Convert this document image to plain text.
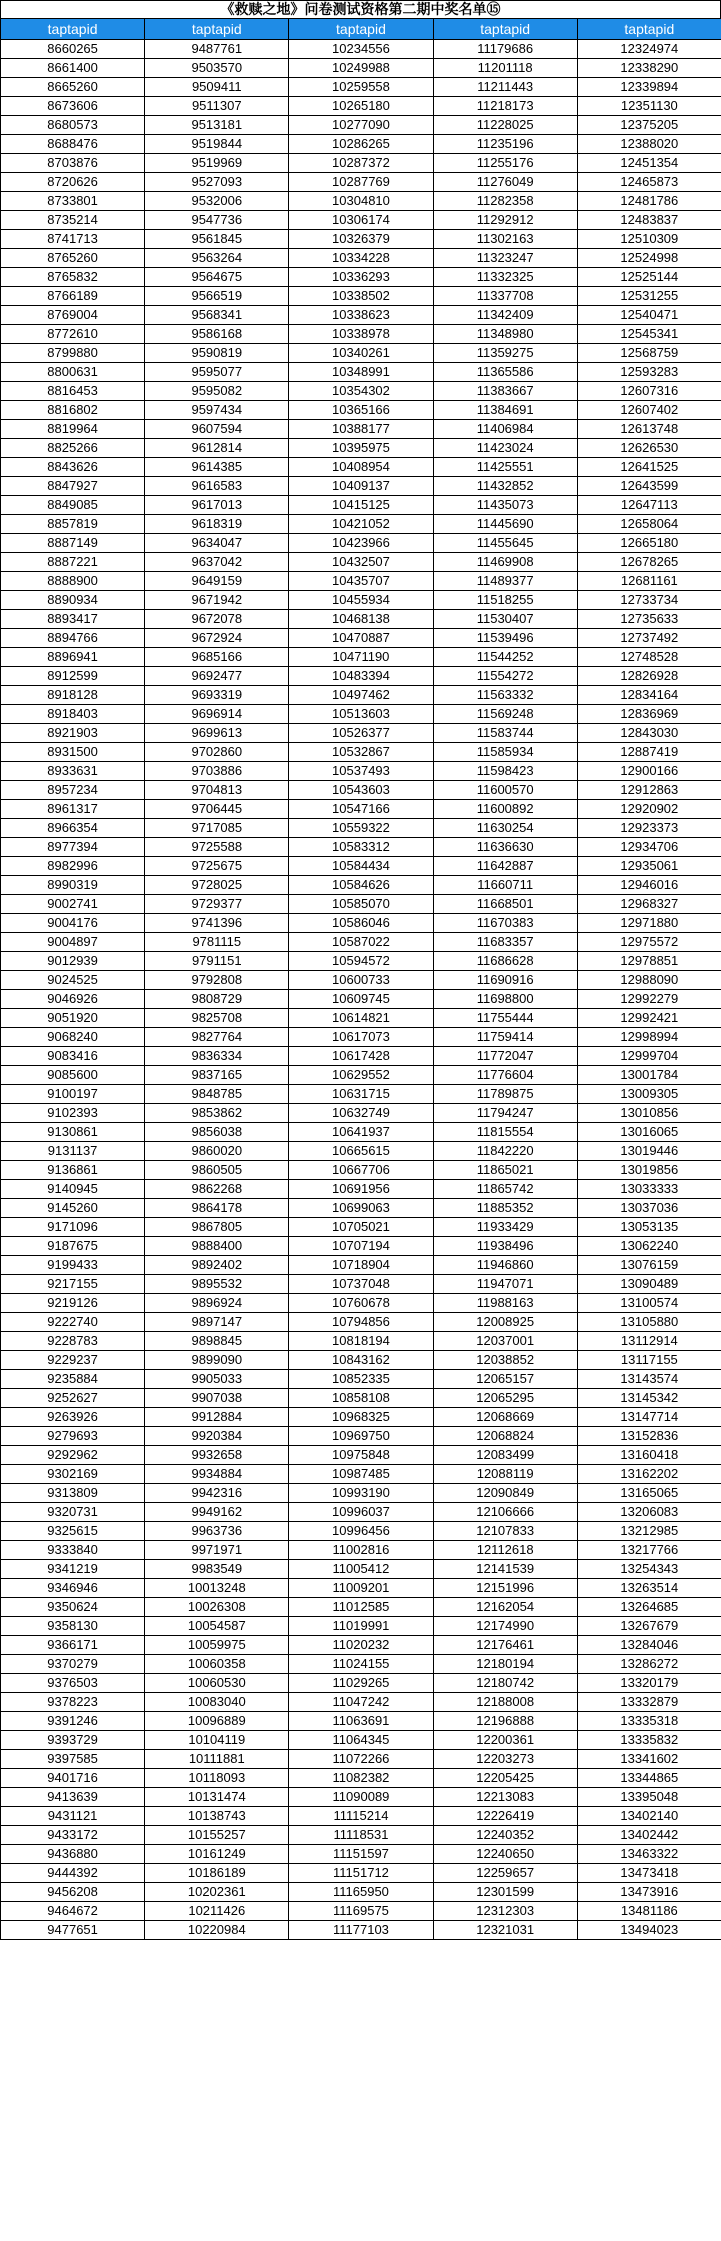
《救赎之地》问卷测试资格第二期中奖名单⑮
taptapid	taptapid	taptapid	taptapid	taptapid
8660265	9487761	10234556	11179686	12324974
8661400	9503570	10249988	11201118	12338290
8665260	9509411	10259558	11211443	12339894
8673606	9511307	10265180	11218173	12351130
8680573	9513181	10277090	11228025	12375205
8688476	9519844	10286265	11235196	12388020
8703876	9519969	10287372	11255176	12451354
8720626	9527093	10287769	11276049	12465873
8733801	9532006	10304810	11282358	12481786
8735214	9547736	10306174	11292912	12483837
8741713	9561845	10326379	11302163	12510309
8765260	9563264	10334228	11323247	12524998
8765832	9564675	10336293	11332325	12525144
8766189	9566519	10338502	11337708	12531255
8769004	9568341	10338623	11342409	12540471
8772610	9586168	10338978	11348980	12545341
8799880	9590819	10340261	11359275	12568759
8800631	9595077	10348991	11365586	12593283
8816453	9595082	10354302	11383667	12607316
8816802	9597434	10365166	11384691	12607402
8819964	9607594	10388177	11406984	12613748
8825266	9612814	10395975	11423024	12626530
8843626	9614385	10408954	11425551	12641525
8847927	9616583	10409137	11432852	12643599
8849085	9617013	10415125	11435073	12647113
8857819	9618319	10421052	11445690	12658064
8887149	9634047	10423966	11455645	12665180
8887221	9637042	10432507	11469908	12678265
8888900	9649159	10435707	11489377	12681161
8890934	9671942	10455934	11518255	12733734
8893417	9672078	10468138	11530407	12735633
8894766	9672924	10470887	11539496	12737492
8896941	9685166	10471190	11544252	12748528
8912599	9692477	10483394	11554272	12826928
8918128	9693319	10497462	11563332	12834164
8918403	9696914	10513603	11569248	12836969
8921903	9699613	10526377	11583744	12843030
8931500	9702860	10532867	11585934	12887419
8933631	9703886	10537493	11598423	12900166
8957234	9704813	10543603	11600570	12912863
8961317	9706445	10547166	11600892	12920902
8966354	9717085	10559322	11630254	12923373
8977394	9725588	10583312	11636630	12934706
8982996	9725675	10584434	11642887	12935061
8990319	9728025	10584626	11660711	12946016
9002741	9729377	10585070	11668501	12968327
9004176	9741396	10586046	11670383	12971880
9004897	9781115	10587022	11683357	12975572
9012939	9791151	10594572	11686628	12978851
9024525	9792808	10600733	11690916	12988090
9046926	9808729	10609745	11698800	12992279
9051920	9825708	10614821	11755444	12992421
9068240	9827764	10617073	11759414	12998994
9083416	9836334	10617428	11772047	12999704
9085600	9837165	10629552	11776604	13001784
9100197	9848785	10631715	11789875	13009305
9102393	9853862	10632749	11794247	13010856
9130861	9856038	10641937	11815554	13016065
9131137	9860020	10665615	11842220	13019446
9136861	9860505	10667706	11865021	13019856
9140945	9862268	10691956	11865742	13033333
9145260	9864178	10699063	11885352	13037036
9171096	9867805	10705021	11933429	13053135
9187675	9888400	10707194	11938496	13062240
9199433	9892402	10718904	11946860	13076159
9217155	9895532	10737048	11947071	13090489
9219126	9896924	10760678	11988163	13100574
9222740	9897147	10794856	12008925	13105880
9228783	9898845	10818194	12037001	13112914
9229237	9899090	10843162	12038852	13117155
9235884	9905033	10852335	12065157	13143574
9252627	9907038	10858108	12065295	13145342
9263926	9912884	10968325	12068669	13147714
9279693	9920384	10969750	12068824	13152836
9292962	9932658	10975848	12083499	13160418
9302169	9934884	10987485	12088119	13162202
9313809	9942316	10993190	12090849	13165065
9320731	9949162	10996037	12106666	13206083
9325615	9963736	10996456	12107833	13212985
9333840	9971971	11002816	12112618	13217766
9341219	9983549	11005412	12141539	13254343
9346946	10013248	11009201	12151996	13263514
9350624	10026308	11012585	12162054	13264685
9358130	10054587	11019991	12174990	13267679
9366171	10059975	11020232	12176461	13284046
9370279	10060358	11024155	12180194	13286272
9376503	10060530	11029265	12180742	13320179
9378223	10083040	11047242	12188008	13332879
9391246	10096889	11063691	12196888	13335318
9393729	10104119	11064345	12200361	13335832
9397585	10111881	11072266	12203273	13341602
9401716	10118093	11082382	12205425	13344865
9413639	10131474	11090089	12213083	13395048
9431121	10138743	11115214	12226419	13402140
9433172	10155257	11118531	12240352	13402442
9436880	10161249	11151597	12240650	13463322
9444392	10186189	11151712	12259657	13473418
9456208	10202361	11165950	12301599	13473916
9464672	10211426	11169575	12312303	13481186
9477651	10220984	11177103	12321031	13494023
